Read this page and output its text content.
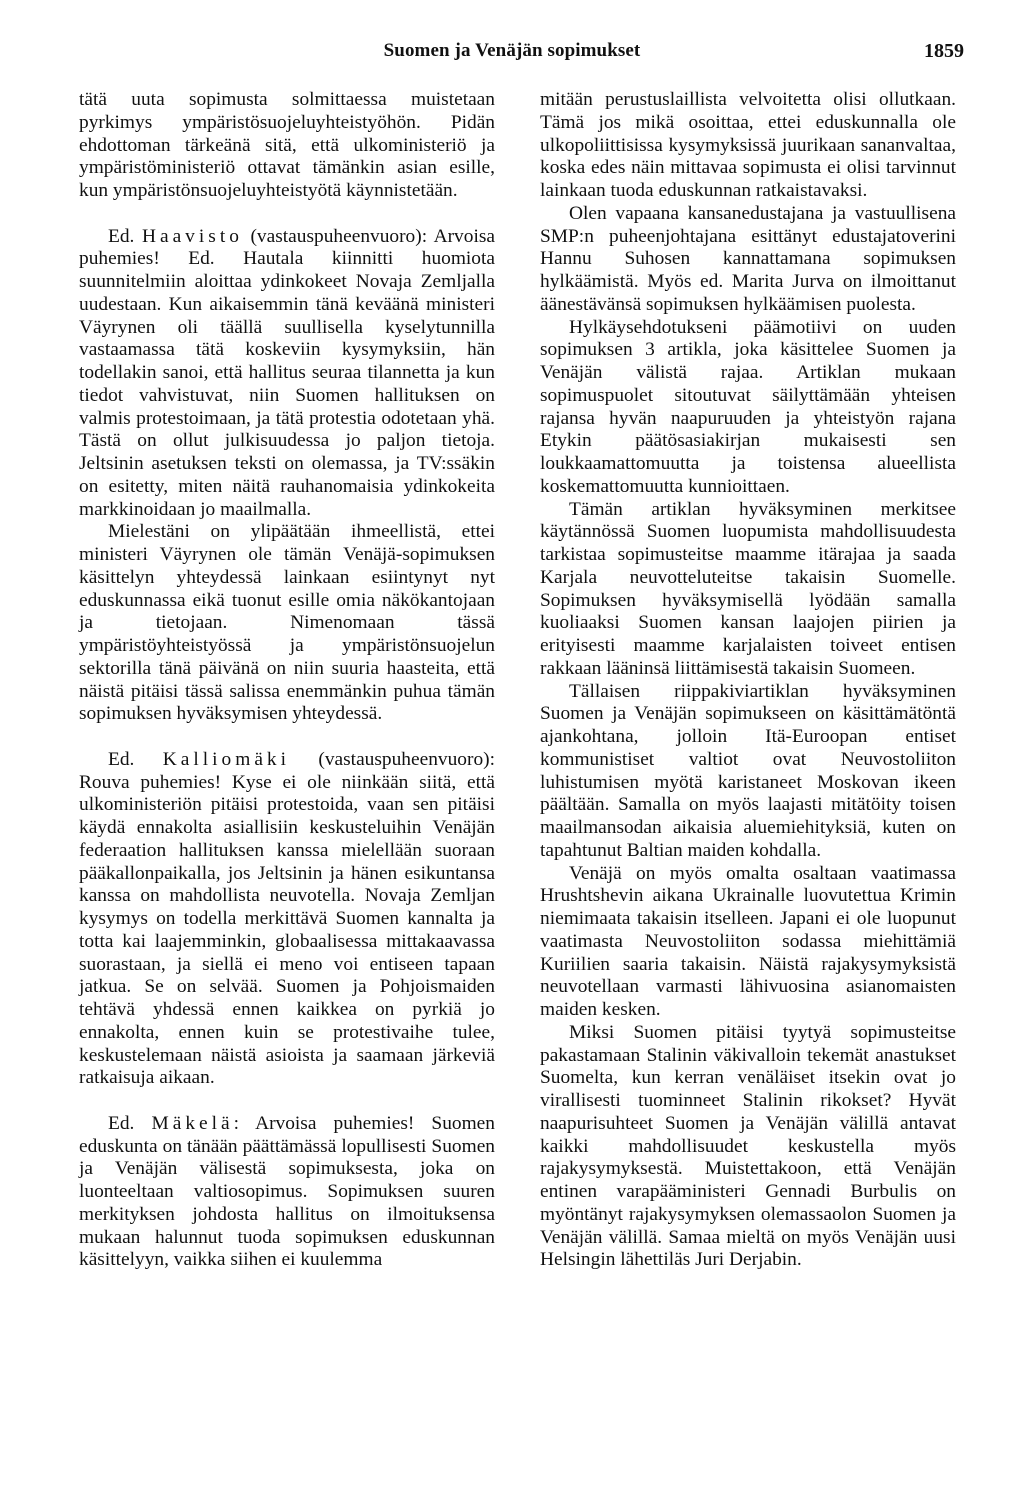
Suomen ja Venäjän sopimukset	1859

tätä uuta sopimusta solmittaessa muistetaan pyrkimys ympäristösuojeluyhteistyöhön. Pidän ehdottoman tärkeänä sitä, että ulkoministeriö ja ympäristöministeriö ottavat tämänkin asian esille, kun ympäristönsuojeluyhteistyötä käynnistetään.

Ed. Haavisto (vastauspuheenvuoro): Arvoisa puhemies! Ed. Hautala kiinnitti huomiota suunnitelmiin aloittaa ydinkokeet Novaja Zemljalla uudestaan. Kun aikaisemmin tänä keväänä ministeri Väyrynen oli täällä suullisella kyselytunnilla vastaamassa tätä koskeviin kysymyksiin, hän todellakin sanoi, että hallitus seuraa tilannetta ja kun tiedot vahvistuvat, niin Suomen hallituksen on valmis protestoimaan, ja tätä protestia odotetaan yhä. Tästä on ollut julkisuudessa jo paljon tietoja. Jeltsinin asetuksen teksti on olemassa, ja TV:ssäkin on esitetty, miten näitä rauhanomaisia ydinkokeita markkinoidaan jo maailmalla.

Mielestäni on ylipäätään ihmeellistä, ettei ministeri Väyrynen ole tämän Venäjä-sopimuksen käsittelyn yhteydessä lainkaan esiintynyt nyt eduskunnassa eikä tuonut esille omia näkökantojaan ja tietojaan. Nimenomaan tässä ympäristöyhteistyössä ja ympäristönsuojelun sektorilla tänä päivänä on niin suuria haasteita, että näistä pitäisi tässä salissa enemmänkin puhua tämän sopimuksen hyväksymisen yhteydessä.

Ed. Kalliomäki (vastauspuheenvuoro): Rouva puhemies! Kyse ei ole niinkään siitä, että ulkoministeriön pitäisi protestoida, vaan sen pitäisi käydä ennakolta asiallisiin keskusteluihin Venäjän federaation hallituksen kanssa mielellään suoraan pääkallonpaikalla, jos Jeltsinin ja hänen esikuntansa kanssa on mahdollista neuvotella. Novaja Zemljan kysymys on todella merkittävä Suomen kannalta ja totta kai laajemminkin, globaalisessa mittakaavassa suorastaan, ja siellä ei meno voi entiseen tapaan jatkua. Se on selvää. Suomen ja Pohjoismaiden tehtävä yhdessä ennen kaikkea on pyrkiä jo ennakolta, ennen kuin se protestivaihe tulee, keskustelemaan näistä asioista ja saamaan järkeviä ratkaisuja aikaan.

Ed. Mäkelä: Arvoisa puhemies! Suomen eduskunta on tänään päättämässä lopullisesti Suomen ja Venäjän välisestä sopimuksesta, joka on luonteeltaan valtiosopimus. Sopimuksen suuren merkityksen johdosta hallitus on ilmoituksensa mukaan halunnut tuoda sopimuksen eduskunnan käsittelyyn, vaikka siihen ei kuulemma

mitään perustuslaillista velvoitetta olisi ollutkaan. Tämä jos mikä osoittaa, ettei eduskunnalla ole ulkopoliittisissa kysymyksissä juurikaan sananvaltaa, koska edes näin mittavaa sopimusta ei olisi tarvinnut lainkaan tuoda eduskunnan ratkaistavaksi.

Olen vapaana kansanedustajana ja vastuullisena SMP:n puheenjohtajana esittänyt edustajatoverini Hannu Suhosen kannattamana sopimuksen hylkäämistä. Myös ed. Marita Jurva on ilmoittanut äänestävänsä sopimuksen hylkäämisen puolesta.

Hylkäysehdotukseni päämotiivi on uuden sopimuksen 3 artikla, joka käsittelee Suomen ja Venäjän välistä rajaa. Artiklan mukaan sopimuspuolet sitoutuvat säilyttämään yhteisen rajansa hyvän naapuruuden ja yhteistyön rajana Etykin päätösasiakirjan mukaisesti sen loukkaamattomuutta ja toistensa alueellista koskemattomuutta kunnioittaen.

Tämän artiklan hyväksyminen merkitsee käytännössä Suomen luopumista mahdollisuudesta tarkistaa sopimusteitse maamme itärajaa ja saada Karjala neuvotteluteitse takaisin Suomelle. Sopimuksen hyväksymisellä lyödään samalla kuoliaaksi Suomen kansan laajojen piirien ja erityisesti maamme karjalaisten toiveet entisen rakkaan lääninsä liittämisestä takaisin Suomeen.

Tällaisen riippakiviartiklan hyväksyminen Suomen ja Venäjän sopimukseen on käsittämätöntä ajankohtana, jolloin Itä-Euroopan entiset kommunistiset valtiot ovat Neuvostoliiton luhistumisen myötä karistaneet Moskovan ikeen päältään. Samalla on myös laajasti mitätöity toisen maailmansodan aikaisia aluemiehityksiä, kuten on tapahtunut Baltian maiden kohdalla.

Venäjä on myös omalta osaltaan vaatimassa Hrushtshevin aikana Ukrainalle luovutettua Krimin niemimaata takaisin itselleen. Japani ei ole luopunut vaatimasta Neuvostoliiton sodassa miehittämiä Kuriilien saaria takaisin. Näistä rajakysymyksistä neuvotellaan varmasti lähivuosina asianomaisten maiden kesken.

Miksi Suomen pitäisi tyytyä sopimusteitse pakastamaan Stalinin väkivalloin tekemät anastukset Suomelta, kun kerran venäläiset itsekin ovat jo virallisesti tuominneet Stalinin rikokset? Hyvät naapurisuhteet Suomen ja Venäjän välillä antavat kaikki mahdollisuudet keskustella myös rajakysymyksestä. Muistettakoon, että Venäjän entinen varapääministeri Gennadi Burbulis on myöntänyt rajakysymyksen olemassaolon Suomen ja Venäjän välillä. Samaa mieltä on myös Venäjän uusi Helsingin lähettiläs Juri Derjabin.
